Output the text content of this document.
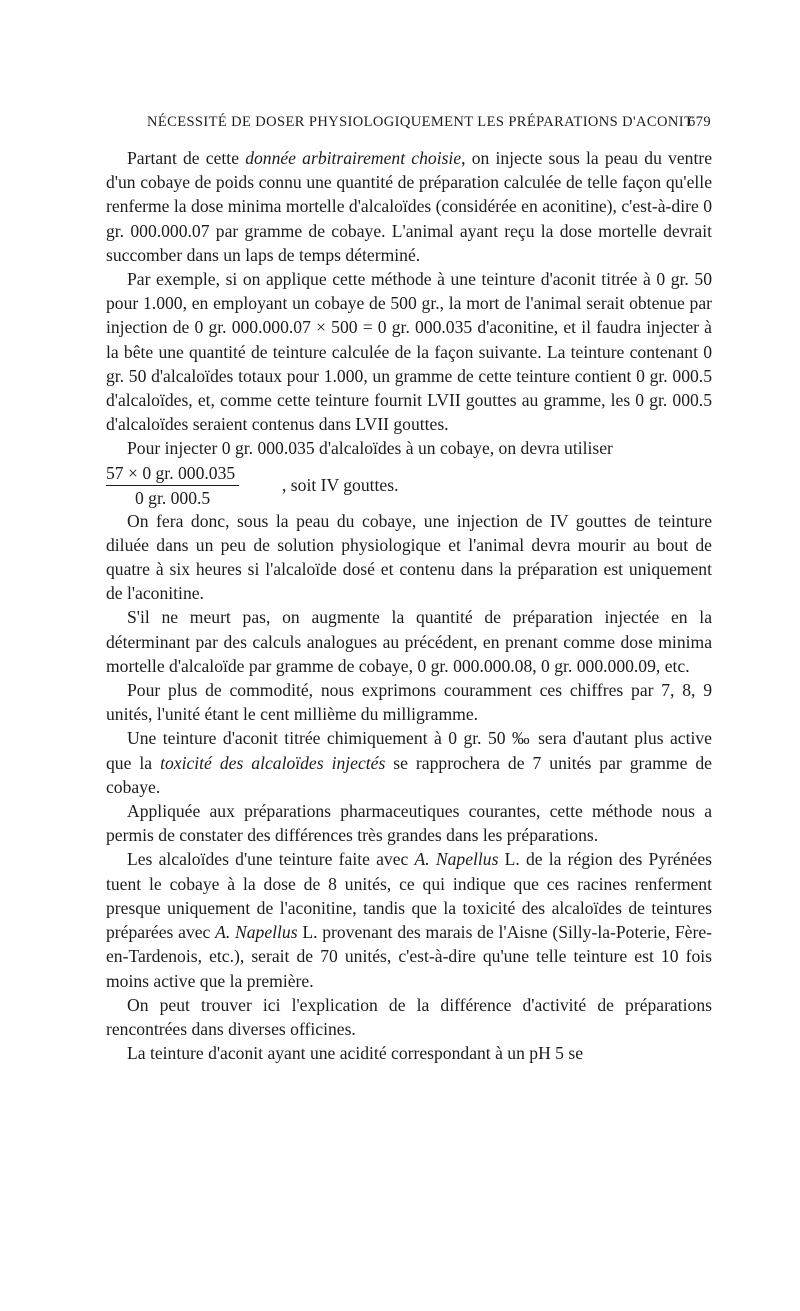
NÉCESSITÉ DE DOSER PHYSIOLOGIQUEMENT LES PRÉPARATIONS D'ACONIT
679

Partant de cette donnée arbitrairement choisie, on injecte sous la peau du ventre d'un cobaye de poids connu une quantité de préparation calculée de telle façon qu'elle renferme la dose minima mortelle d'alcaloïdes (considérée en aconitine), c'est-à-dire 0 gr. 000.000.07 par gramme de cobaye. L'animal ayant reçu la dose mortelle devrait succomber dans un laps de temps déterminé.

Par exemple, si on applique cette méthode à une teinture d'aconit titrée à 0 gr. 50 pour 1.000, en employant un cobaye de 500 gr., la mort de l'animal serait obtenue par injection de 0 gr. 000.000.07 × 500 = 0 gr. 000.035 d'aconitine, et il faudra injecter à la bête une quantité de teinture calculée de la façon suivante. La teinture contenant 0 gr. 50 d'alcaloïdes totaux pour 1.000, un gramme de cette teinture contient 0 gr. 000.5 d'alcaloïdes, et, comme cette teinture fournit LVII gouttes au gramme, les 0 gr. 000.5 d'alcaloïdes seraient contenus dans LVII gouttes.

Pour injecter 0 gr. 000.035 d'alcaloïdes à un cobaye, on devra utiliser

$\frac{57 \times 0 gr. 000.035}{0 gr. 000.5}$ , soit IV gouttes.

On fera donc, sous la peau du cobaye, une injection de IV gouttes de teinture diluée dans un peu de solution physiologique et l'animal devra mourir au bout de quatre à six heures si l'alcaloïde dosé et contenu dans la préparation est uniquement de l'aconitine.

S'il ne meurt pas, on augmente la quantité de préparation injectée en la déterminant par des calculs analogues au précédent, en prenant comme dose minima mortelle d'alcaloïde par gramme de cobaye, 0 gr. 000.000.08, 0 gr. 000.000.09, etc.

Pour plus de commodité, nous exprimons couramment ces chiffres par 7, 8, 9 unités, l'unité étant le cent millième du milligramme.

Une teinture d'aconit titrée chimiquement à 0 gr. 50 ‰ sera d'autant plus active que la toxicité des alcaloïdes injectés se rapprochera de 7 unités par gramme de cobaye.

Appliquée aux préparations pharmaceutiques courantes, cette méthode nous a permis de constater des différences très grandes dans les préparations.

Les alcaloïdes d'une teinture faite avec A. Napellus L. de la région des Pyrénées tuent le cobaye à la dose de 8 unités, ce qui indique que ces racines renferment presque uniquement de l'aconitine, tandis que la toxicité des alcaloïdes de teintures préparées avec A. Napellus L. provenant des marais de l'Aisne (Silly-la-Poterie, Fère-en-Tardenois, etc.), serait de 70 unités, c'est-à-dire qu'une telle teinture est 10 fois moins active que la première.

On peut trouver ici l'explication de la différence d'activité de préparations rencontrées dans diverses officines.

La teinture d'aconit ayant une acidité correspondant à un pH 5 se
